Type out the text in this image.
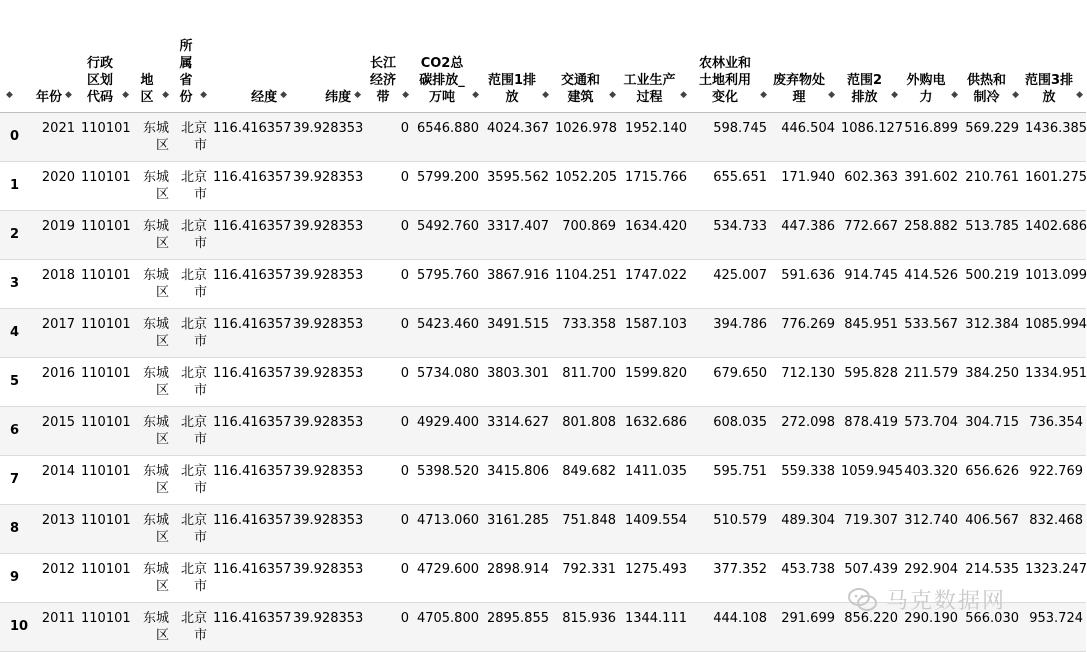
◆	年份 ◆	行政区划代码 ◆	地区 ◆	所属省份 ◆	经度 ◆	纬度 ◆	长江经济带 ◆	CO2总碳排放_万吨 ◆	范围1排放 ◆	交通和建筑 ◆	工业生产过程 ◆	农林业和土地利用变化 ◆	废弃物处理 ◆	范围2排放 ◆	外购电力 ◆	供热和制冷 ◆	范围3排放 ◆

0	2021	110101	东城区	北京市	116.416357	39.928353	0	6546.880	4024.367	1026.978	1952.140	598.745	446.504	1086.127	516.899	569.229	1436.385
1	2020	110101	东城区	北京市	116.416357	39.928353	0	5799.200	3595.562	1052.205	1715.766	655.651	171.940	602.363	391.602	210.761	1601.275
2	2019	110101	东城区	北京市	116.416357	39.928353	0	5492.760	3317.407	700.869	1634.420	534.733	447.386	772.667	258.882	513.785	1402.686
3	2018	110101	东城区	北京市	116.416357	39.928353	0	5795.760	3867.916	1104.251	1747.022	425.007	591.636	914.745	414.526	500.219	1013.099
4	2017	110101	东城区	北京市	116.416357	39.928353	0	5423.460	3491.515	733.358	1587.103	394.786	776.269	845.951	533.567	312.384	1085.994
5	2016	110101	东城区	北京市	116.416357	39.928353	0	5734.080	3803.301	811.700	1599.820	679.650	712.130	595.828	211.579	384.250	1334.951
6	2015	110101	东城区	北京市	116.416357	39.928353	0	4929.400	3314.627	801.808	1632.686	608.035	272.098	878.419	573.704	304.715	736.354
7	2014	110101	东城区	北京市	116.416357	39.928353	0	5398.520	3415.806	849.682	1411.035	595.751	559.338	1059.945	403.320	656.626	922.769
8	2013	110101	东城区	北京市	116.416357	39.928353	0	4713.060	3161.285	751.848	1409.554	510.579	489.304	719.307	312.740	406.567	832.468
9	2012	110101	东城区	北京市	116.416357	39.928353	0	4729.600	2898.914	792.331	1275.493	377.352	453.738	507.439	292.904	214.535	1323.247
10	2011	110101	东城区	北京市	116.416357	39.928353	0	4705.800	2895.855	815.936	1344.111	444.108	291.699	856.220	290.190	566.030	953.724
马克数据网
